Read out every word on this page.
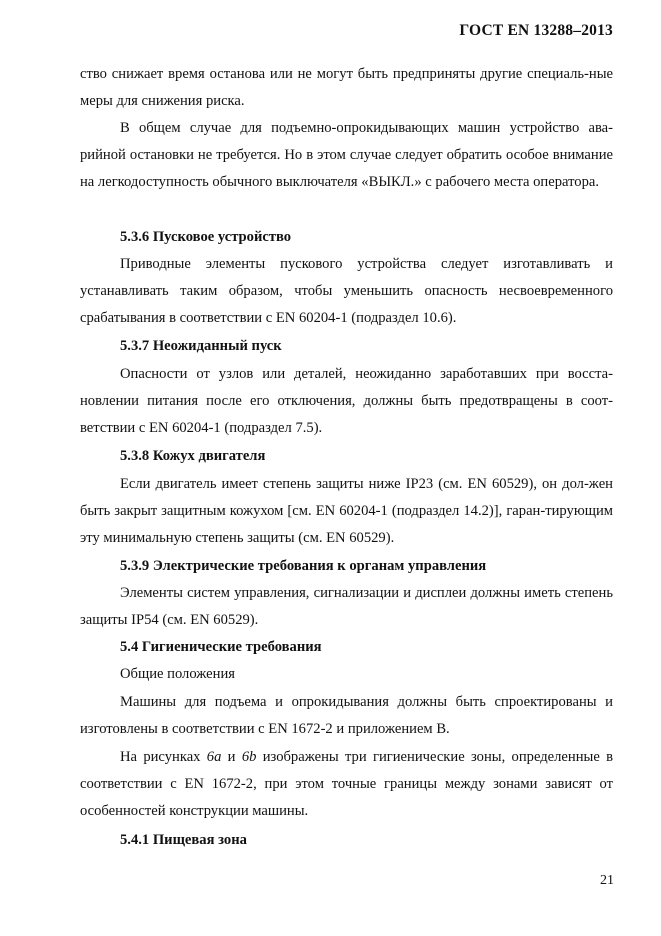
ГОСТ EN 13288–2013
ство снижает время останова или не могут быть предприняты другие специаль-ные меры для снижения риска.
В общем случае для подъемно-опрокидывающих машин устройство ава-рийной остановки не требуется. Но в этом случае следует обратить особое внимание на легкодоступность обычного выключателя «ВЫКЛ.» с рабочего места оператора.
5.3.6 Пусковое устройство
Приводные элементы пускового устройства следует изготавливать и устанавливать таким образом, чтобы уменьшить опасность несвоевременного срабатывания в соответствии с EN 60204-1 (подраздел 10.6).
5.3.7 Неожиданный пуск
Опасности от узлов или деталей, неожиданно заработавших при восста-новлении питания после его отключения, должны быть предотвращены в соот-ветствии с EN 60204-1 (подраздел 7.5).
5.3.8 Кожух двигателя
Если двигатель имеет степень защиты ниже IP23 (см. EN 60529), он дол-жен быть закрыт защитным кожухом [см. EN 60204-1 (подраздел 14.2)], гаран-тирующим эту минимальную степень защиты (см. EN 60529).
5.3.9 Электрические требования к органам управления
Элементы систем управления, сигнализации и дисплеи должны иметь степень защиты IP54 (см. EN 60529).
5.4 Гигиенические требования
Общие положения
Машины для подъема и опрокидывания должны быть спроектированы и изготовлены в соответствии с EN 1672-2 и приложением B.
На рисунках 6a и 6b изображены три гигиенические зоны, определенные в соответствии с EN 1672-2, при этом точные границы между зонами зависят от особенностей конструкции машины.
5.4.1 Пищевая зона
21
